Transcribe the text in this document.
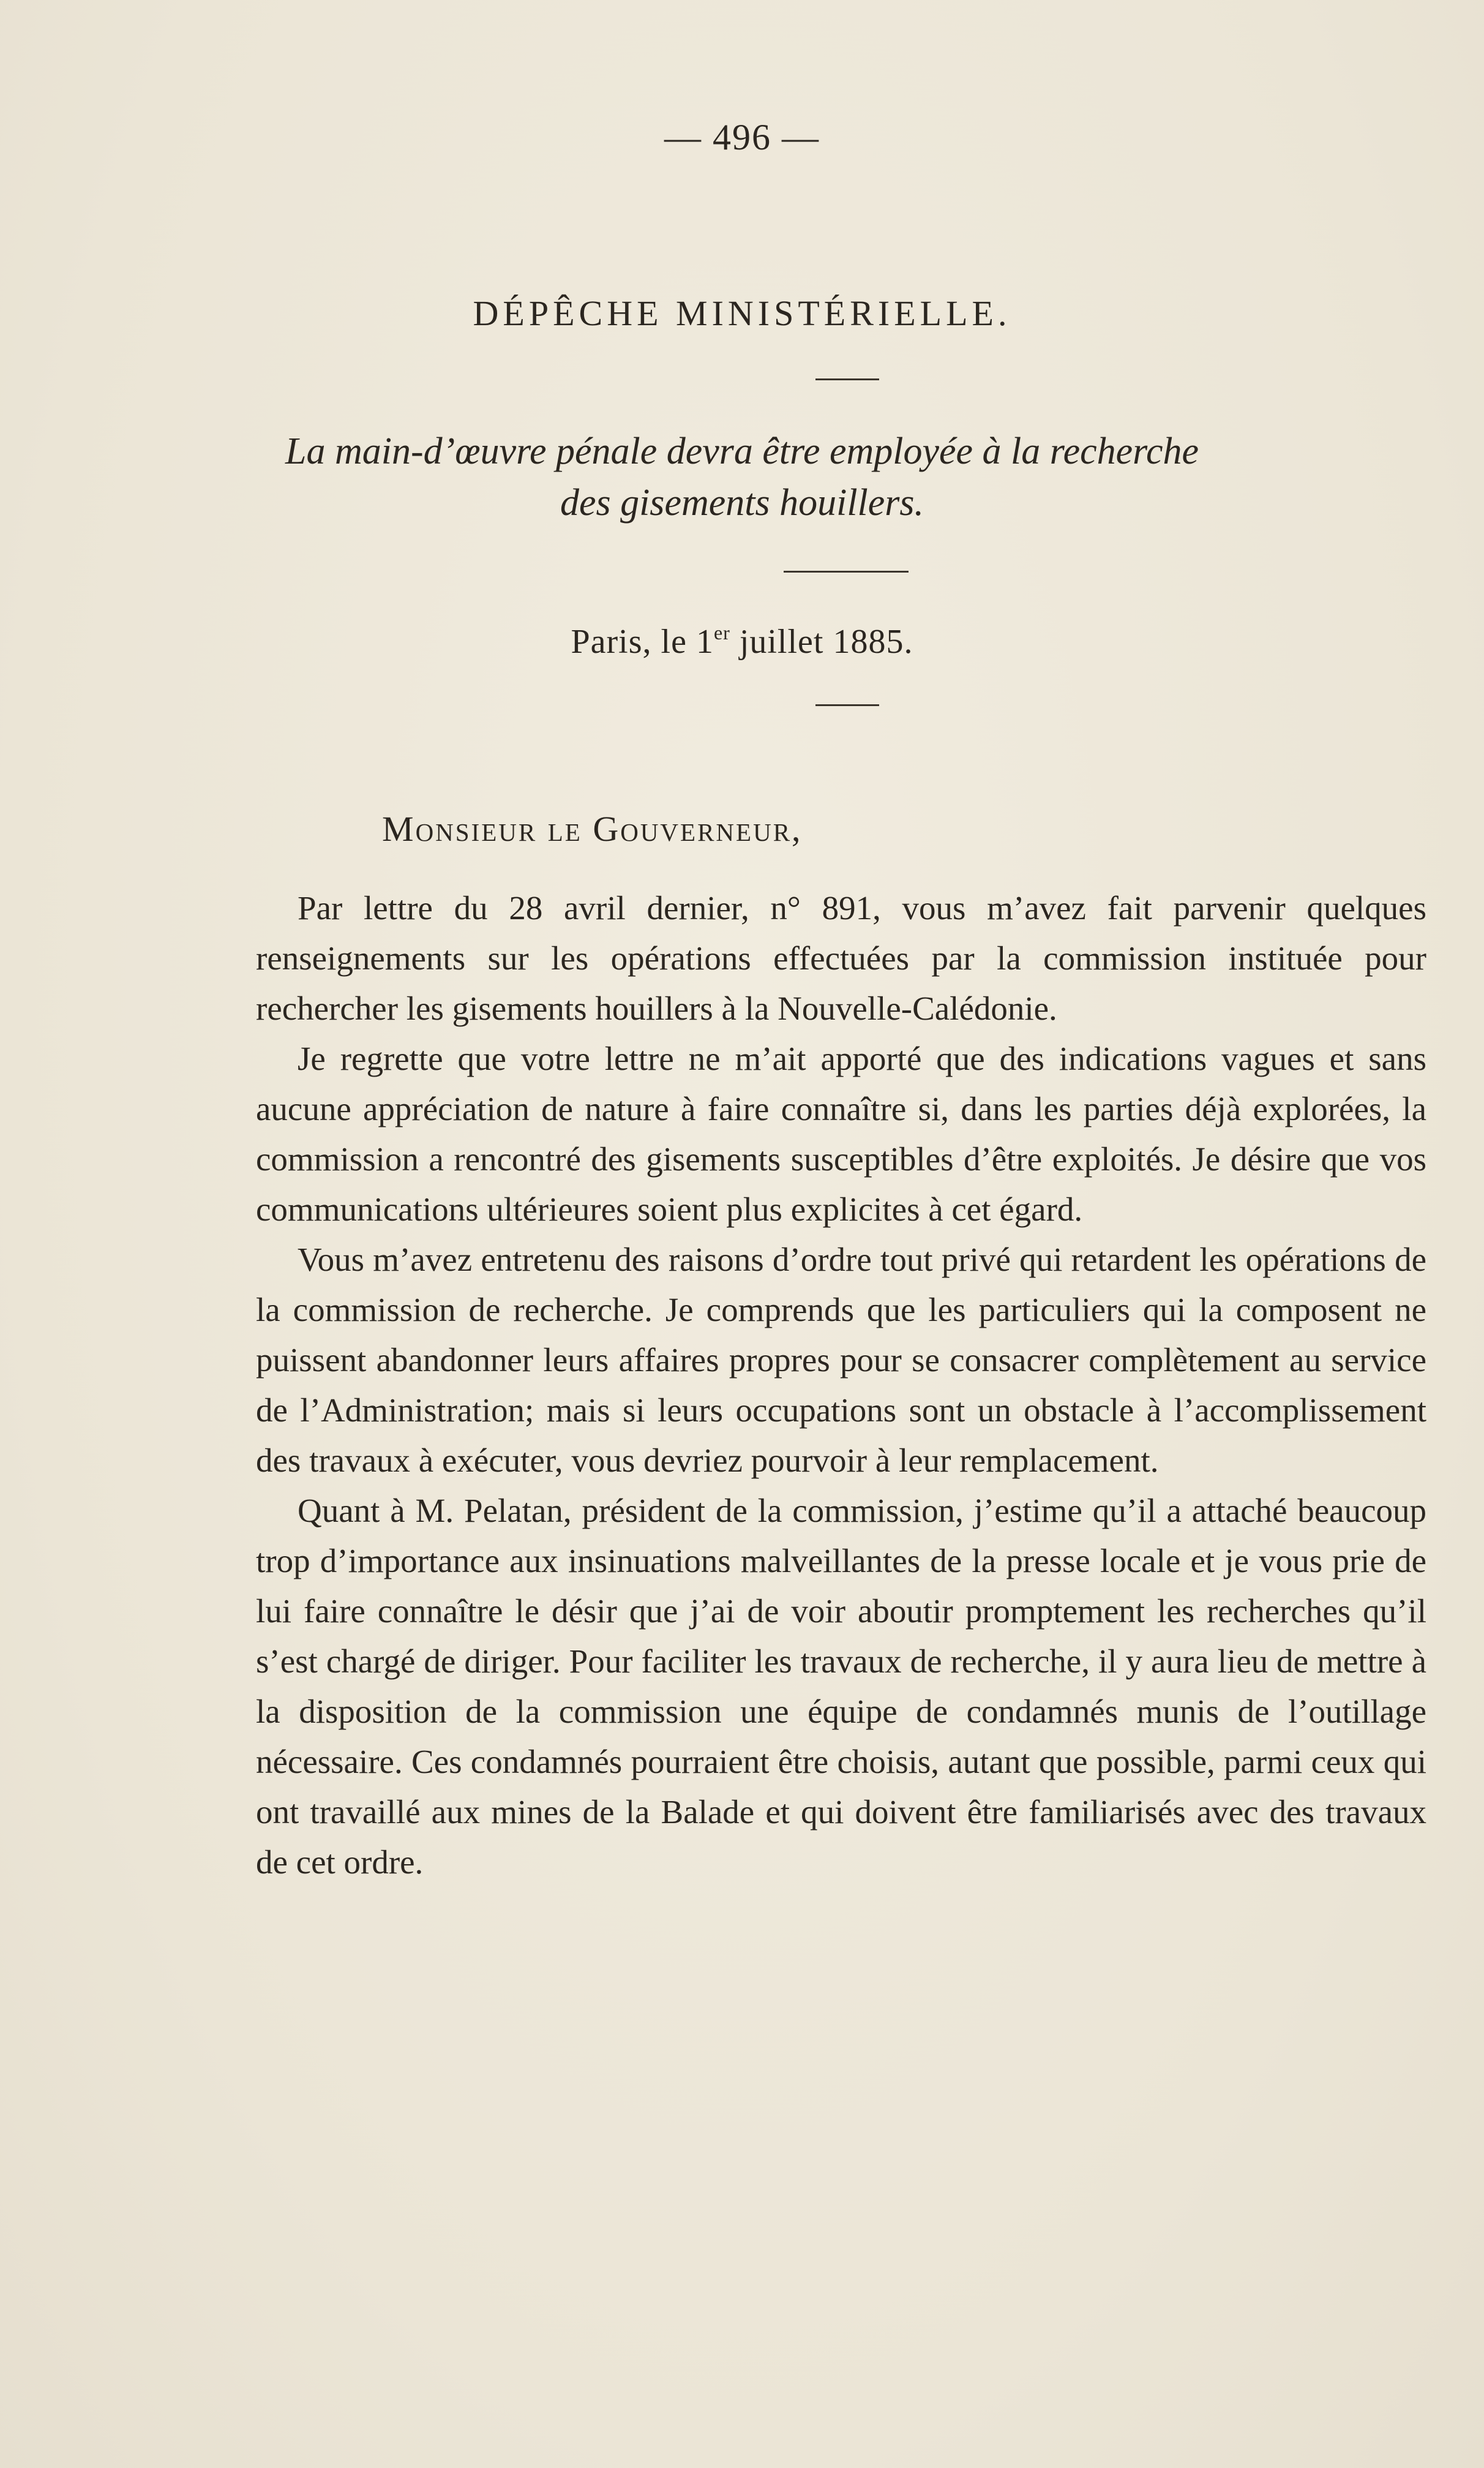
— 496 —
DÉPÊCHE MINISTÉRIELLE.
La main-d’œuvre pénale devra être employée à la recherche
des gisements houillers.
Paris, le 1er juillet 1885.
Monsieur le Gouverneur,

Par lettre du 28 avril dernier, n° 891, vous m’avez fait parvenir quelques renseignements sur les opérations effectuées par la commission instituée pour rechercher les gisements houillers à la Nouvelle-Calédonie.

Je regrette que votre lettre ne m’ait apporté que des indications vagues et sans aucune appréciation de nature à faire connaître si, dans les parties déjà explorées, la commission a rencontré des gisements susceptibles d’être exploités. Je désire que vos communications ultérieures soient plus explicites à cet égard.

Vous m’avez entretenu des raisons d’ordre tout privé qui retardent les opérations de la commission de recherche. Je comprends que les particuliers qui la composent ne puissent abandonner leurs affaires propres pour se consacrer complètement au service de l’Administration; mais si leurs occupations sont un obstacle à l’accomplissement des travaux à exécuter, vous devriez pourvoir à leur remplacement.

Quant à M. Pelatan, président de la commission, j’estime qu’il a attaché beaucoup trop d’importance aux insinuations malveillantes de la presse locale et je vous prie de lui faire connaître le désir que j’ai de voir aboutir promptement les recherches qu’il s’est chargé de diriger. Pour faciliter les travaux de recherche, il y aura lieu de mettre à la disposition de la commission une équipe de condamnés munis de l’outillage nécessaire. Ces condamnés pourraient être choisis, autant que possible, parmi ceux qui ont travaillé aux mines de la Balade et qui doivent être familiarisés avec des travaux de cet ordre.
